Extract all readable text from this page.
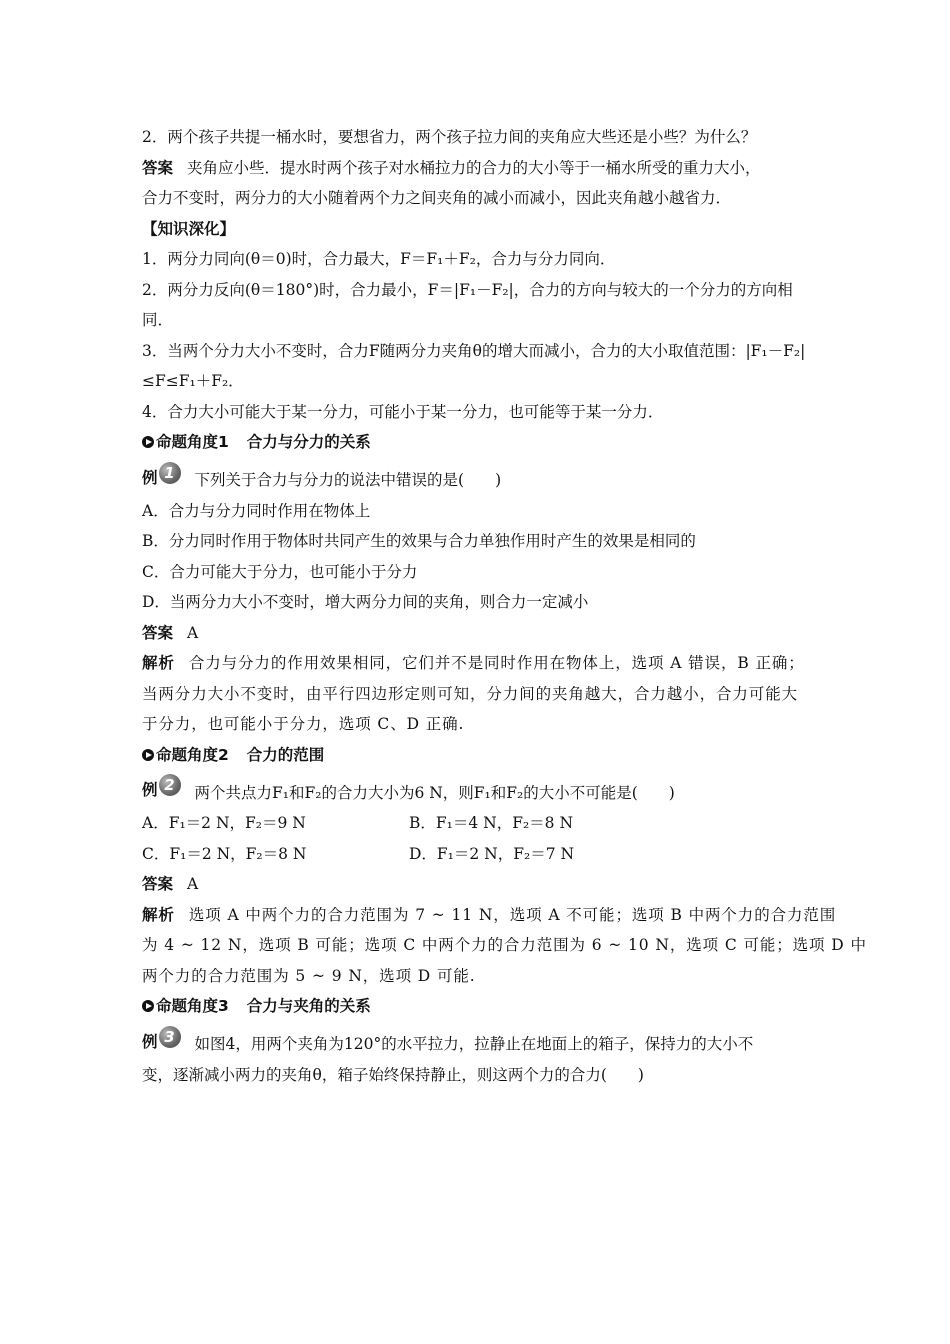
2．两个孩子共提一桶水时，要想省力，两个孩子拉力间的夹角应大些还是小些？为什么？
答案 夹角应小些．提水时两个孩子对水桶拉力的合力的大小等于一桶水所受的重力大小，
合力不变时，两分力的大小随着两个力之间夹角的减小而减小，因此夹角越小越省力．
【知识深化】
1．两分力同向(θ＝0)时，合力最大，F＝F₁＋F₂，合力与分力同向．
2．两分力反向(θ＝180°)时，合力最小，F＝|F₁－F₂|，合力的方向与较大的一个分力的方向相同．
3．当两个分力大小不变时，合力F随两分力夹角θ的增大而减小，合力的大小取值范围：|F₁－F₂|≤F≤F₁＋F₂．
4．合力大小可能大于某一分力，可能小于某一分力，也可能等于某一分力．
命题角度1 合力与分力的关系
例 1	下列关于合力与分力的说法中错误的是(　　)
A．合力与分力同时作用在物体上
B．分力同时作用于物体时共同产生的效果与合力单独作用时产生的效果是相同的
C．合力可能大于分力，也可能小于分力
D．当两分力大小不变时，增大两分力间的夹角，则合力一定减小
答案 A
解析 合力与分力的作用效果相同，它们并不是同时作用在物体上，选项 A 错误，B 正确；
当两分力大小不变时，由平行四边形定则可知，分力间的夹角越大，合力越小，合力可能大
于分力，也可能小于分力，选项 C、D 正确.
命题角度2 合力的范围
例 2	两个共点力F₁和F₂的合力大小为6 N，则F₁和F₂的大小不可能是(　　)
A．F₁＝2 N，F₂＝9 N	B．F₁＝4 N，F₂＝8 N
C．F₁＝2 N，F₂＝8 N	D．F₁＝2 N，F₂＝7 N
答案 A
解析 选项 A 中两个力的合力范围为 7 ~ 11 N，选项 A 不可能；选项 B 中两个力的合力范围
为 4 ~ 12 N，选项 B 可能；选项 C 中两个力的合力范围为 6 ~ 10 N，选项 C 可能；选项 D 中
两个力的合力范围为 5 ~ 9 N，选项 D 可能.
命题角度3 合力与夹角的关系
例 3	如图4，用两个夹角为120°的水平拉力，拉静止在地面上的箱子，保持力的大小不
变，逐渐减小两力的夹角θ，箱子始终保持静止，则这两个力的合力(　　)
